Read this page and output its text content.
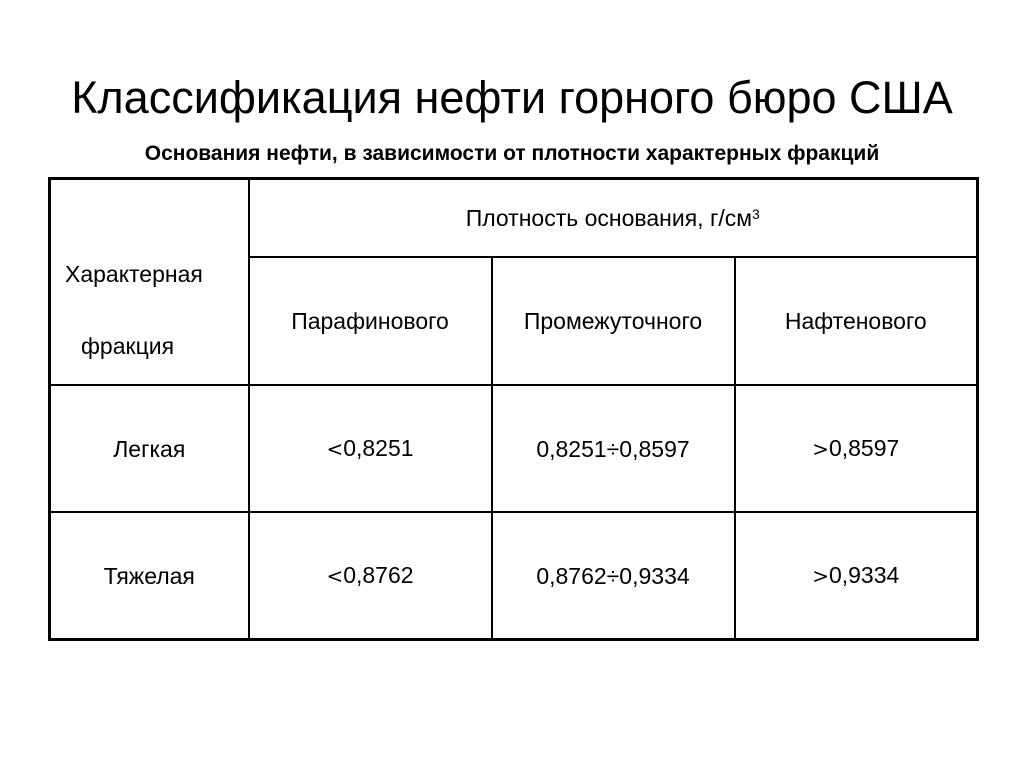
Классификация нефти горного бюро США

Основания нефти, в зависимости от плотности характерных фракций

Характерная
фракция	Плотность основания, $г/см^3$
	Парафинового	Промежуточного	Нафтенового
Легкая	<0,8251	0,8251÷0,8597	>0,8597
Тяжелая	<0,8762	0,8762÷0,9334	>0,9334
